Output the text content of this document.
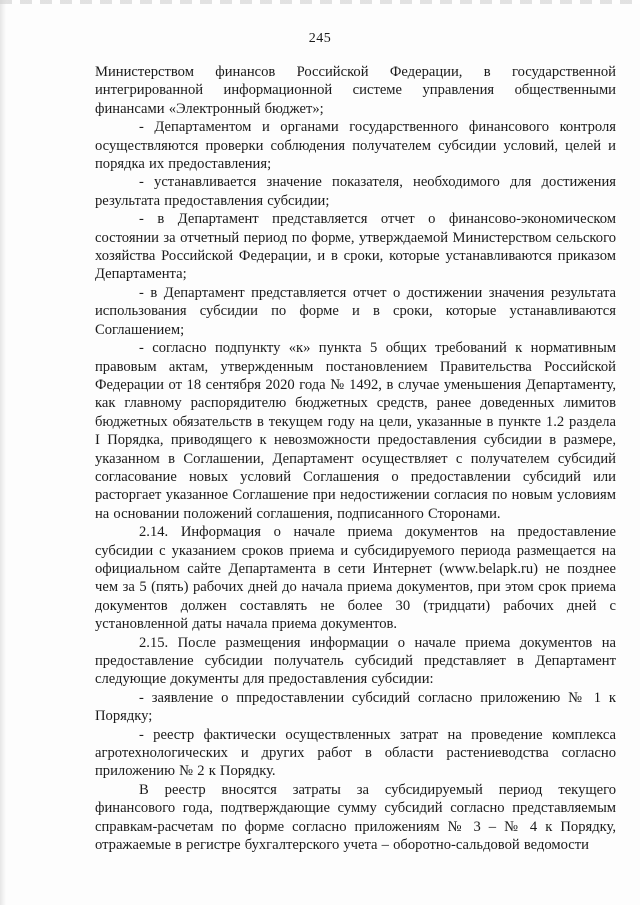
245

Министерством финансов Российской Федерации, в государственной интегрированной информационной системе управления общественными финансами «Электронный бюджет»;

- Департаментом и органами государственного финансового контроля осуществляются проверки соблюдения получателем субсидии условий, целей и порядка их предоставления;

- устанавливается значение показателя, необходимого для достижения результата предоставления субсидии;

- в Департамент представляется отчет о финансово-экономическом состоянии за отчетный период по форме, утверждаемой Министерством сельского хозяйства Российской Федерации, и в сроки, которые устанавливаются приказом Департамента;

- в Департамент представляется отчет о достижении значения результата использования субсидии по форме и в сроки, которые устанавливаются Соглашением;

- согласно подпункту «к» пункта 5 общих требований к нормативным правовым актам, утвержденным постановлением Правительства Российской Федерации от 18 сентября 2020 года № 1492, в случае уменьшения Департаменту, как главному распорядителю бюджетных средств, ранее доведенных лимитов бюджетных обязательств в текущем году на цели, указанные в пункте 1.2 раздела I Порядка, приводящего к невозможности предоставления субсидии в размере, указанном в Соглашении, Департамент осуществляет с получателем субсидий согласование новых условий Соглашения о предоставлении субсидий или расторгает указанное Соглашение при недостижении согласия по новым условиям на основании положений соглашения, подписанного Сторонами.

2.14. Информация о начале приема документов на предоставление субсидии с указанием сроков приема и субсидируемого периода размещается на официальном сайте Департамента в сети Интернет (www.belapk.ru) не позднее чем за 5 (пять) рабочих дней до начала приема документов, при этом срок приема документов должен составлять не более 30 (тридцати) рабочих дней с установленной даты начала приема документов.

2.15. После размещения информации о начале приема документов на предоставление субсидии получатель субсидий представляет в Департамент следующие документы для предоставления субсидии:

- заявление о ппредоставлении субсидий согласно приложению № 1 к Порядку;

- реестр фактически осуществленных затрат на проведение комплекса агротехнологических и других работ в области растениеводства согласно приложению № 2 к Порядку.

В реестр вносятся затраты за субсидируемый период текущего финансового года, подтверждающие сумму субсидий согласно представляемым справкам-расчетам по форме согласно приложениям № 3 – № 4 к Порядку, отражаемые в регистре бухгалтерского учета – оборотно-сальдовой ведомости
